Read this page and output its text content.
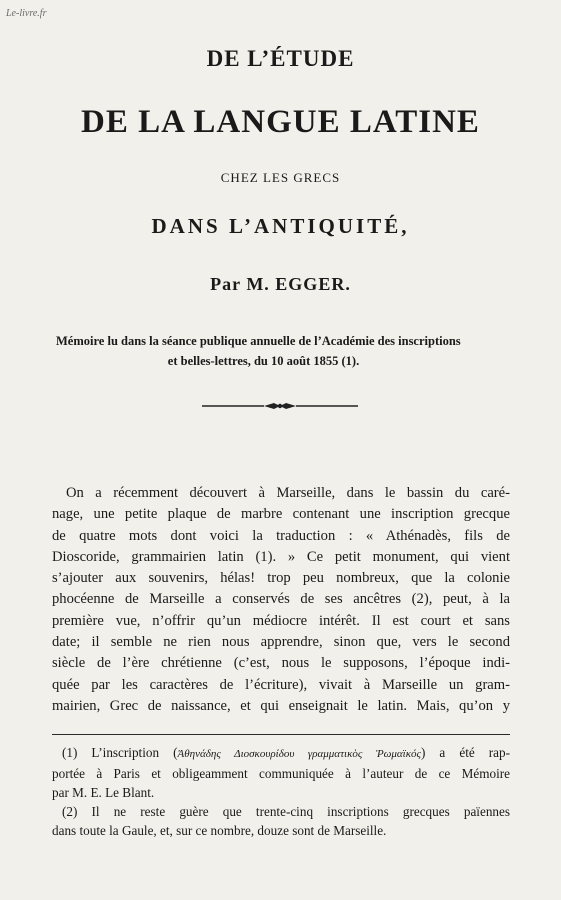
Le-livre.fr
DE L’ÉTUDE
DE LA LANGUE LATINE
CHEZ LES GRECS
DANS L’ANTIQUITÉ,
Par M. EGGER.
Mémoire lu dans la séance publique annuelle de l’Académie des inscriptions
et belles-lettres, du 10 août 1855 (1).
On a récemment découvert à Marseille, dans le bassin du caré-
nage, une petite plaque de marbre contenant une inscription grecque
de quatre mots dont voici la traduction : « Athénadès, fils de
Dioscoride, grammairien latin (1). » Ce petit monument, qui vient
s’ajouter aux souvenirs, hélas! trop peu nombreux, que la colonie
phocéenne de Marseille a conservés de ses ancêtres (2), peut, à la
première vue, n’offrir qu’un médiocre intérêt. Il est court et sans
date; il semble ne rien nous apprendre, sinon que, vers le second
siècle de l’ère chrétienne (c’est, nous le supposons, l’époque indi-
quée par les caractères de l’écriture), vivait à Marseille un gram-
mairien, Grec de naissance, et qui enseignait le latin. Mais, qu’on y
(1) L’inscription (Ἀθηνάδης Διοσκουρίδου γραμματικὸς Ῥωμαϊκός) a été rap-
portée à Paris et obligeamment communiquée à l’auteur de ce Mémoire
par M. E. Le Blant.
(2) Il ne reste guère que trente-cinq inscriptions grecques païennes
dans toute la Gaule, et, sur ce nombre, douze sont de Marseille.
